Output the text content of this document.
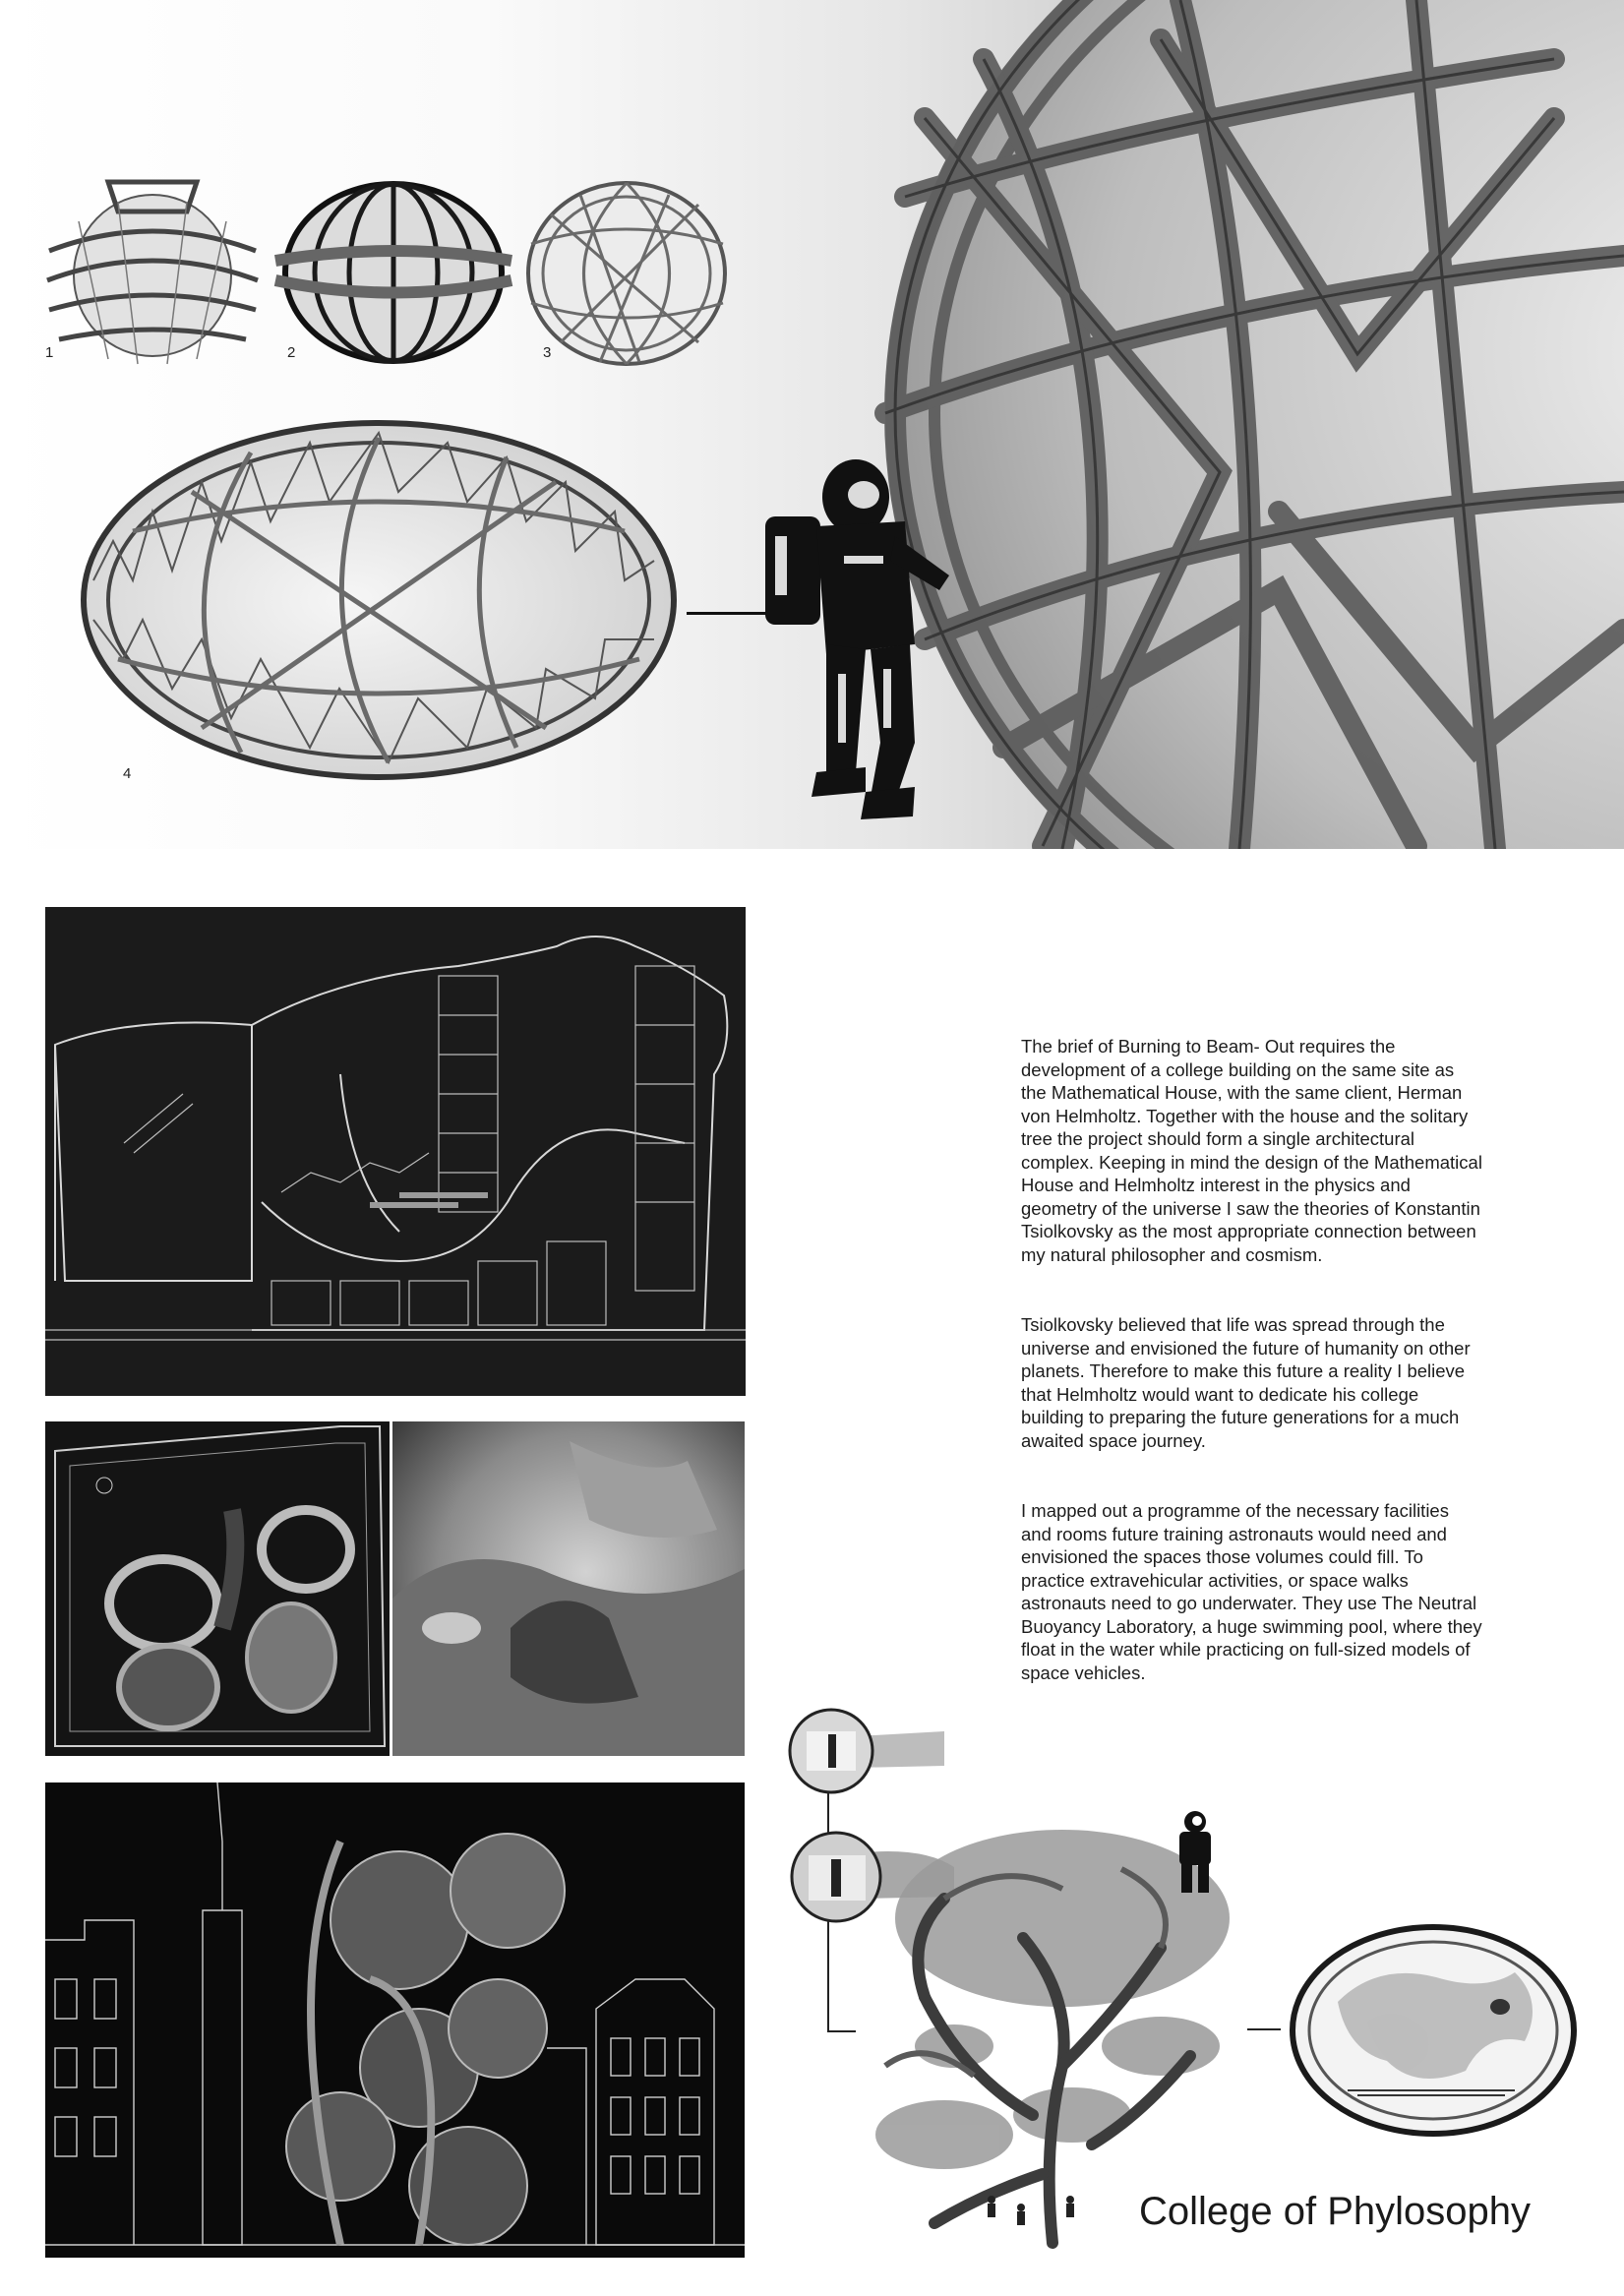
1	2	3
4

The brief of Burning to Beam- Out requires the development of a college building on the same site as the Mathematical House, with the same client, Herman von Helmholtz. Together with the house and the solitary tree the project should form a single architectural complex. Keeping in mind the design of the Mathematical House and Helmholtz interest in the physics and geometry of the universe I saw the theories of Konstantin Tsiolkovsky as the most appropriate connection between my natural philosopher and cosmism.

Tsiolkovsky believed that life was spread through the universe and envisioned the future of humanity on other planets. Therefore to make this future a reality I believe that Helmholtz would want to dedicate his college building to preparing the future generations for a much awaited space journey.

I mapped out a programme of the necessary facilities and rooms future training astronauts would need and envisioned the spaces those volumes could fill. To practice extravehicular activities, or space walks astronauts need to go underwater. They use The Neutral Buoyancy Laboratory, a huge swimming pool, where they float in the water while practicing on full-sized models of space vehicles.

College of Phylosophy
